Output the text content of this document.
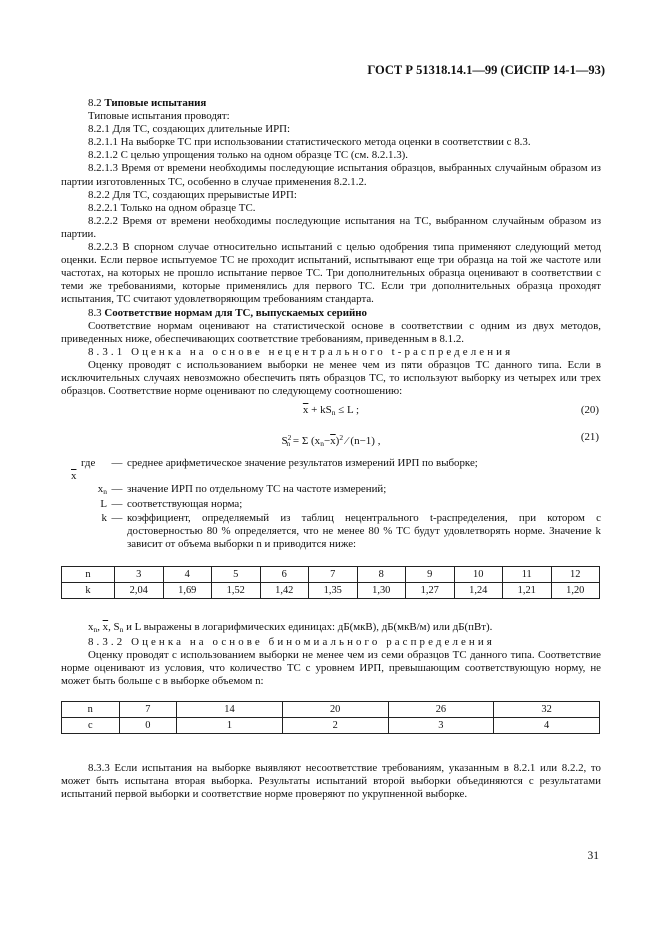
ГОСТ Р 51318.14.1—99 (СИСПР 14-1—93)

8.2 Типовые испытания

Типовые испытания проводят:

8.2.1 Для ТС, создающих длительные ИРП:

8.2.1.1 На выборке ТС при использовании статистического метода оценки в соответствии с 8.3.

8.2.1.2 С целью упрощения только на одном образце ТС (см. 8.2.1.3).

8.2.1.3 Время от времени необходимы последующие испытания образцов, выбранных случайным образом из партии изготовленных ТС, особенно в случае применения 8.2.1.2.

8.2.2 Для ТС, создающих прерывистые ИРП:

8.2.2.1 Только на одном образце ТС.

8.2.2.2 Время от времени необходимы последующие испытания на ТС, выбранном случайным образом из партии.

8.2.2.3 В спорном случае относительно испытаний с целью одобрения типа применяют следующий метод оценки. Если первое испытуемое ТС не проходит испытаний, испытывают еще три образца на той же частоте или частотах, на которых не прошло испытание первое ТС. Три дополнительных образца оценивают в соответствии с теми же требованиями, которые применялись для первого ТС. Если три дополнительных образца проходят испытания, ТС считают удовлетворяющим требованиям стандарта.

8.3 Соответствие нормам для ТС, выпускаемых серийно

Соответствие нормам оценивают на статистической основе в соответствии с одним из двух методов, приведенных ниже, обеспечивающих соответствие требованиям, приведенным в 8.1.2.

8.3.1 Оценка на основе нецентрального t-распределения

Оценку проводят с использованием выборки не менее чем из пяти образцов ТС данного типа. Если в исключительных случаях невозможно обеспечить пять образцов ТС, то используют выборку из четырех или трех образцов. Соответствие норме оценивают по следующему соотношению:

$\overline{x} + kS_n \le L$ ;	(20)
$S^2_n = \Sigma$ $(x_n-\overline{x})^2$ ⁄ (n−1) ,	(21)
где $\overline{x}$
— среднее арифметическое значение результатов измерений ИРП по выборке;
$x_n$ — значение ИРП по отдельному ТС на частоте измерений;
L — соответствующая норма;
k — коэффициент, определяемый из таблиц нецентрального t-распределения, при котором с достоверностью 80 % определяется, что не менее 80 % ТС будут удовлетворять норме. Значение k зависит от объема выборки n и приводится ниже:
n	3	4	5	6	7	8	9	10	11	12
k	2,04	1,69	1,52	1,42	1,35	1,30	1,27	1,24	1,21	1,20

$x_n$, $\overline{x}$, $S_n$ и L выражены в логарифмических единицах: дБ(мкВ), дБ(мкВ/м) или дБ(пВт).

8.3.2 Оценка на основе биномиального распределения

Оценку проводят с использованием выборки не менее чем из семи образцов ТС данного типа. Соответствие норме оценивают из условия, что количество ТС с уровнем ИРП, превышающим соответствующую норму, не может быть больше с в выборке объемом n:

n	7	14	20	26	32
c	0	1	2	3	4

8.3.3 Если испытания на выборке выявляют несоответствие требованиям, указанным в 8.2.1 или 8.2.2, то может быть испытана вторая выборка. Результаты испытаний второй выборки объединяются с результатами испытаний первой выборки и соответствие норме проверяют по укрупненной выборке.

31
